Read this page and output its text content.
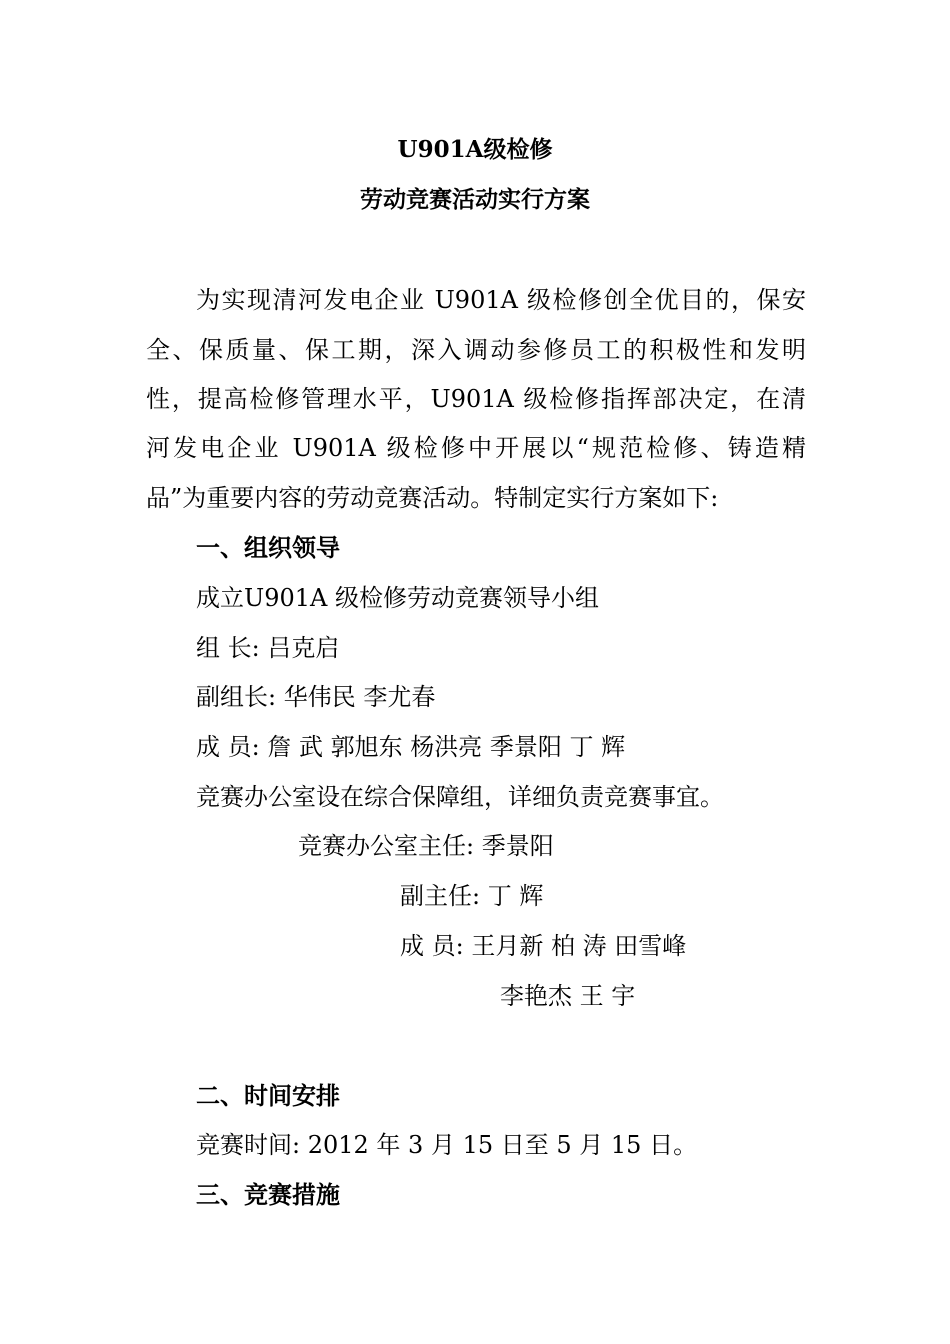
U901A级检修
劳动竞赛活动实行方案
为实现清河发电企业 U901A 级检修创全优目的，保安
全、保质量、保工期，深入调动参修员工的积极性和发明
性，提高检修管理水平，U901A 级检修指挥部决定，在清
河发电企业 U901A 级检修中开展以“规范检修、铸造精
品”为重要内容的劳动竞赛活动。特制定实行方案如下:
一、组织领导
成立U901A 级检修劳动竞赛领导小组
组 长: 吕克启
副组长: 华伟民 李尤春
成 员: 詹 武 郭旭东 杨洪亮 季景阳 丁 辉
竞赛办公室设在综合保障组，详细负责竞赛事宜。
竞赛办公室主任: 季景阳
副主任: 丁 辉
成 员: 王月新 柏 涛 田雪峰
李艳杰 王 宇
二、时间安排
竞赛时间: 2012 年 3 月 15 日至 5 月 15 日。
三、竞赛措施
